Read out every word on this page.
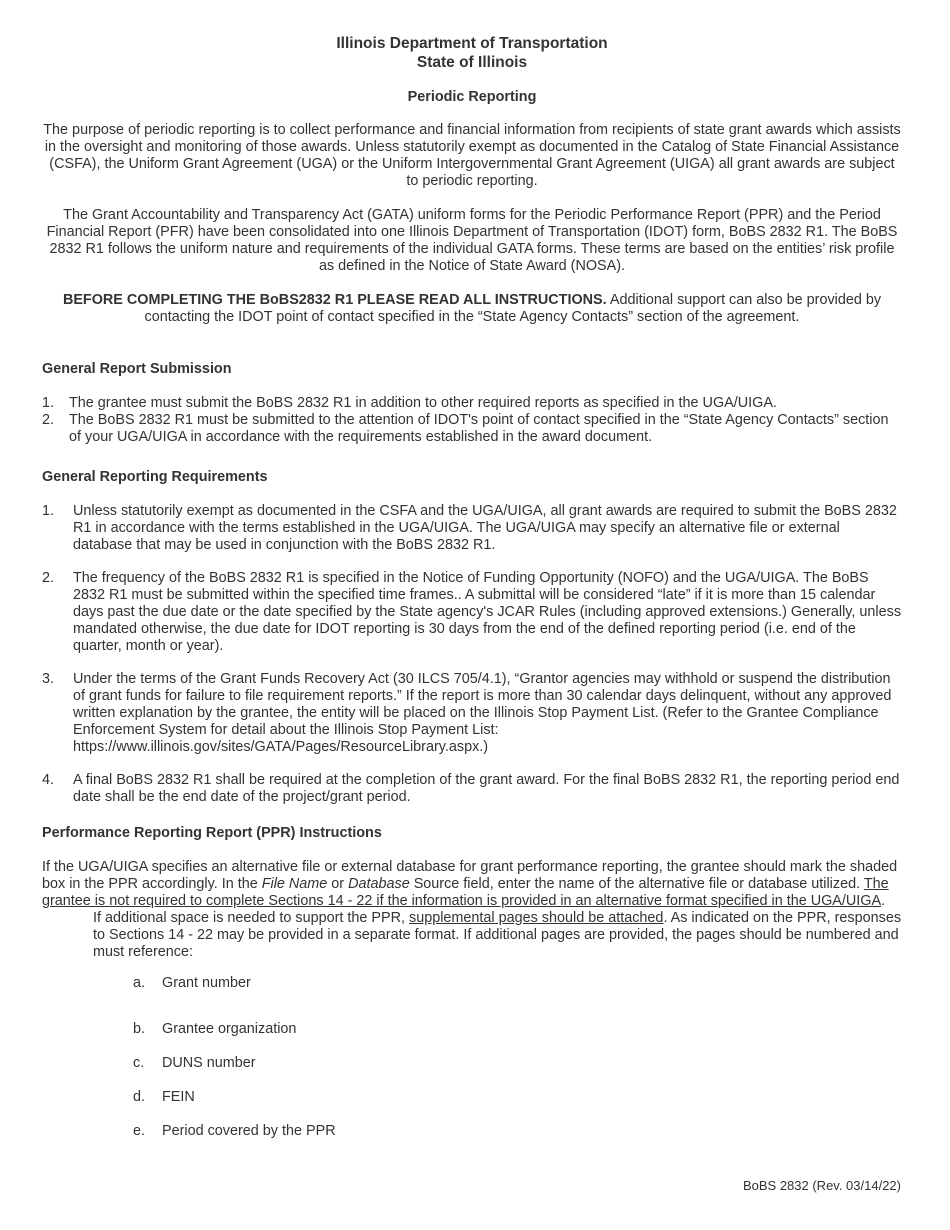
Illinois Department of Transportation
State of Illinois
Periodic Reporting

The purpose of periodic reporting is to collect performance and financial information from recipients of state grant awards which assists in the oversight and monitoring of those awards. Unless statutorily exempt as documented in the Catalog of State Financial Assistance (CSFA), the Uniform Grant Agreement (UGA) or the Uniform Intergovernmental Grant Agreement (UIGA) all grant awards are subject to periodic reporting.

The Grant Accountability and Transparency Act (GATA) uniform forms for the Periodic Performance Report (PPR) and the Period Financial Report (PFR) have been consolidated into one Illinois Department of Transportation (IDOT) form, BoBS 2832 R1. The BoBS 2832 R1 follows the uniform nature and requirements of the individual GATA forms. These terms are based on the entities’ risk profile as defined in the Notice of State Award (NOSA).

BEFORE COMPLETING THE BoBS2832 R1 PLEASE READ ALL INSTRUCTIONS. Additional support can also be provided by contacting the IDOT point of contact specified in the “State Agency Contacts” section of the agreement.

General Report Submission

1. The grantee must submit the BoBS 2832 R1 in addition to other required reports as specified in the UGA/UIGA.
2. The BoBS 2832 R1 must be submitted to the attention of IDOT's point of contact specified in the “State Agency Contacts” section of your UGA/UIGA in accordance with the requirements established in the award document.

General Reporting Requirements

1. Unless statutorily exempt as documented in the CSFA and the UGA/UIGA, all grant awards are required to submit the BoBS 2832 R1 in accordance with the terms established in the UGA/UIGA. The UGA/UIGA may specify an alternative file or external database that may be used in conjunction with the BoBS 2832 R1.
2. The frequency of the BoBS 2832 R1 is specified in the Notice of Funding Opportunity (NOFO) and the UGA/UIGA. The BoBS 2832 R1 must be submitted within the specified time frames.. A submittal will be considered “late” if it is more than 15 calendar days past the due date or the date specified by the State agency's JCAR Rules (including approved extensions.) Generally, unless mandated otherwise, the due date for IDOT reporting is 30 days from the end of the defined reporting period (i.e. end of the quarter, month or year).
3. Under the terms of the Grant Funds Recovery Act (30 ILCS 705/4.1), “Grantor agencies may withhold or suspend the distribution of grant funds for failure to file requirement reports.” If the report is more than 30 calendar days delinquent, without any approved written explanation by the grantee, the entity will be placed on the Illinois Stop Payment List. (Refer to the Grantee Compliance Enforcement System for detail about the Illinois Stop Payment List: https://www.illinois.gov/sites/GATA/Pages/ResourceLibrary.aspx.)
4. A final BoBS 2832 R1 shall be required at the completion of the grant award. For the final BoBS 2832 R1, the reporting period end date shall be the end date of the project/grant period.

Performance Reporting Report (PPR) Instructions

If the UGA/UIGA specifies an alternative file or external database for grant performance reporting, the grantee should mark the shaded box in the PPR accordingly. In the File Name or Database Source field, enter the name of the alternative file or database utilized. The grantee is not required to complete Sections 14 - 22 if the information is provided in an alternative format specified in the UGA/UIGA.

If additional space is needed to support the PPR, supplemental pages should be attached. As indicated on the PPR, responses to Sections 14 - 22 may be provided in a separate format. If additional pages are provided, the pages should be numbered and must reference:

a. Grant number
b. Grantee organization
c. DUNS number
d. FEIN
e. Period covered by the PPR
BoBS 2832 (Rev. 03/14/22)
